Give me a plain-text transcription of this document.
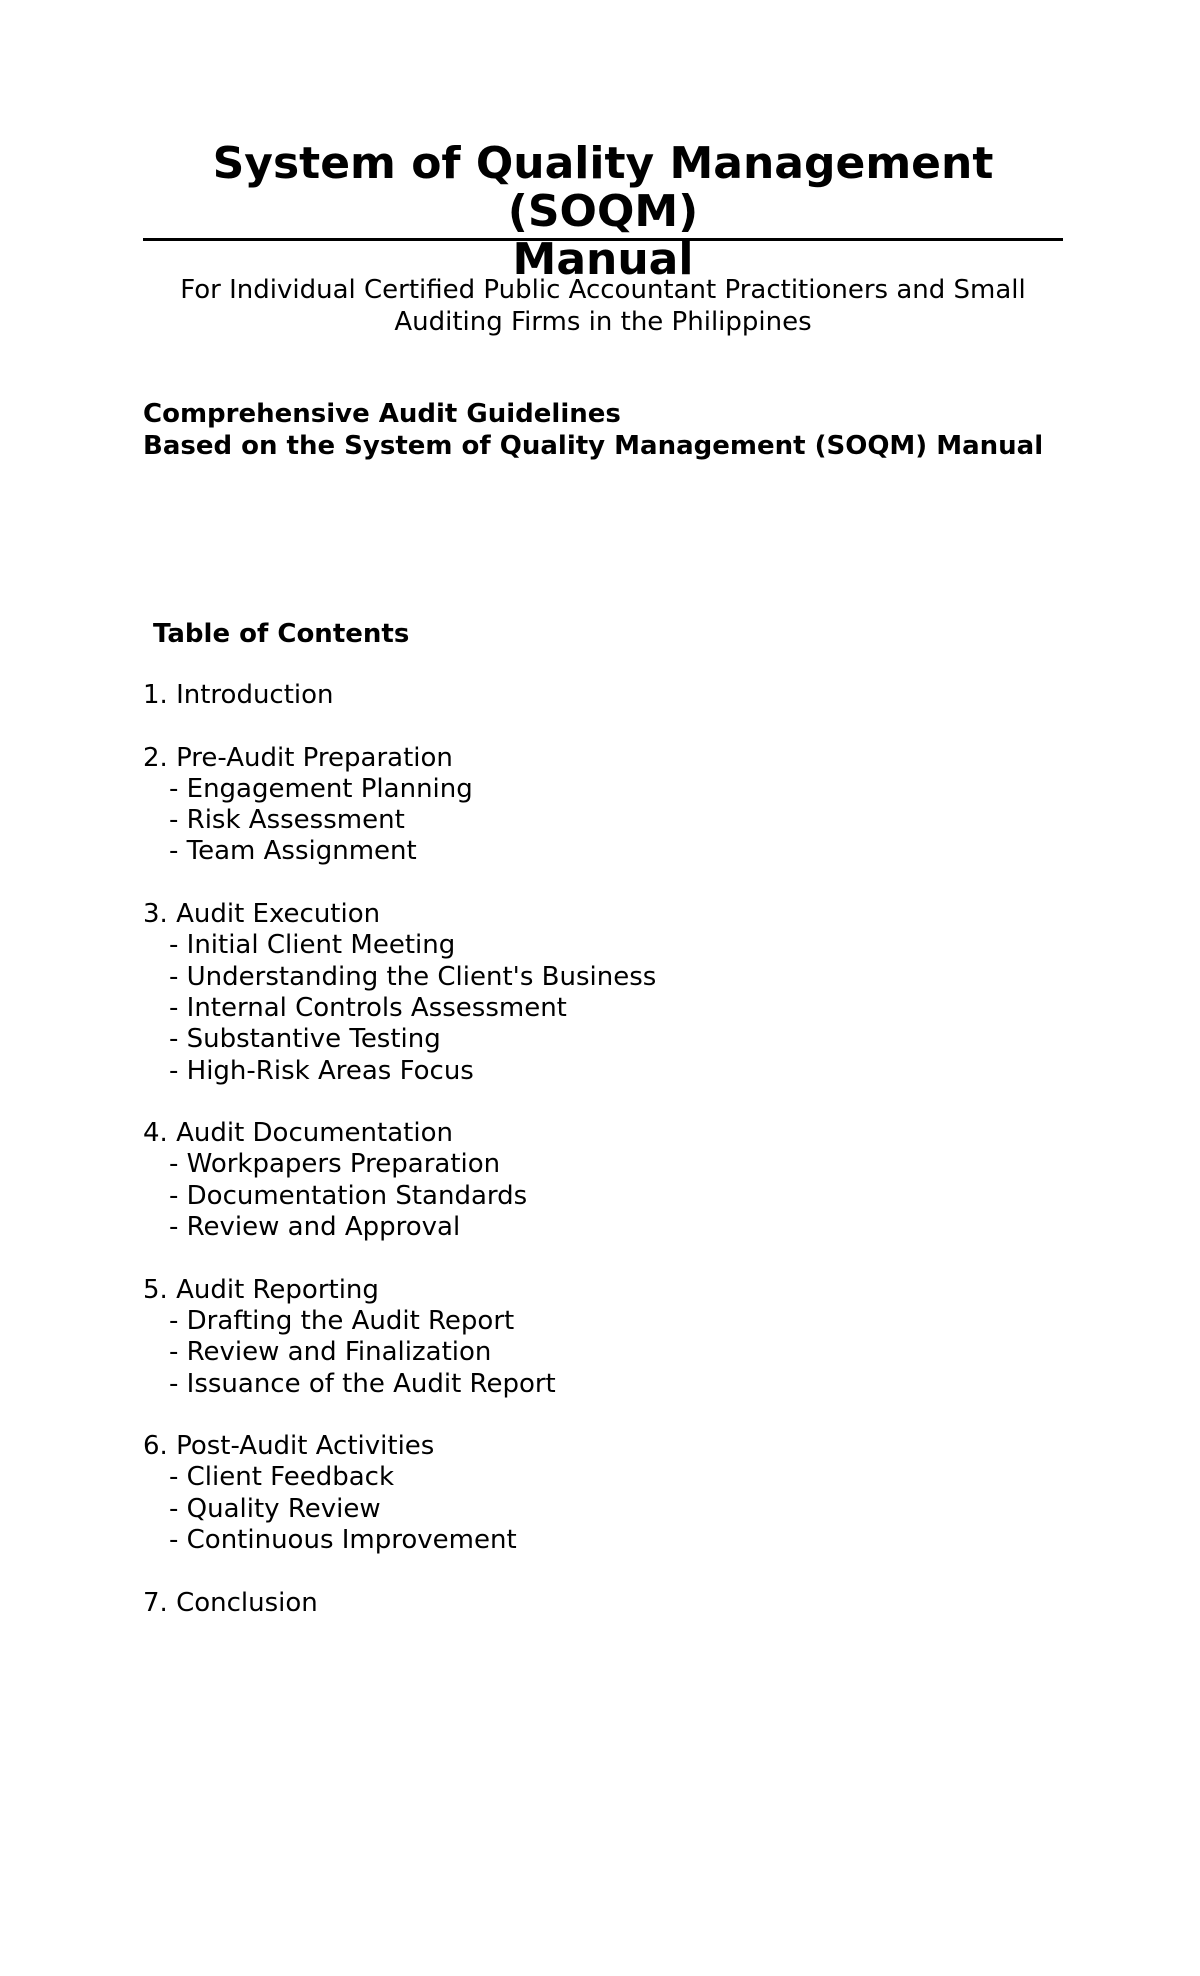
System of Quality Management (SOQM)
Manual
For Individual Certified Public Accountant Practitioners and Small
Auditing Firms in the Philippines
Comprehensive Audit Guidelines
Based on the System of Quality Management (SOQM) Manual
Table of Contents
1. Introduction
2. Pre-Audit Preparation
- Engagement Planning
- Risk Assessment
- Team Assignment
3. Audit Execution
- Initial Client Meeting
- Understanding the Client's Business
- Internal Controls Assessment
- Substantive Testing
- High-Risk Areas Focus
4. Audit Documentation
- Workpapers Preparation
- Documentation Standards
- Review and Approval
5. Audit Reporting
- Drafting the Audit Report
- Review and Finalization
- Issuance of the Audit Report
6. Post-Audit Activities
- Client Feedback
- Quality Review
- Continuous Improvement
7. Conclusion
